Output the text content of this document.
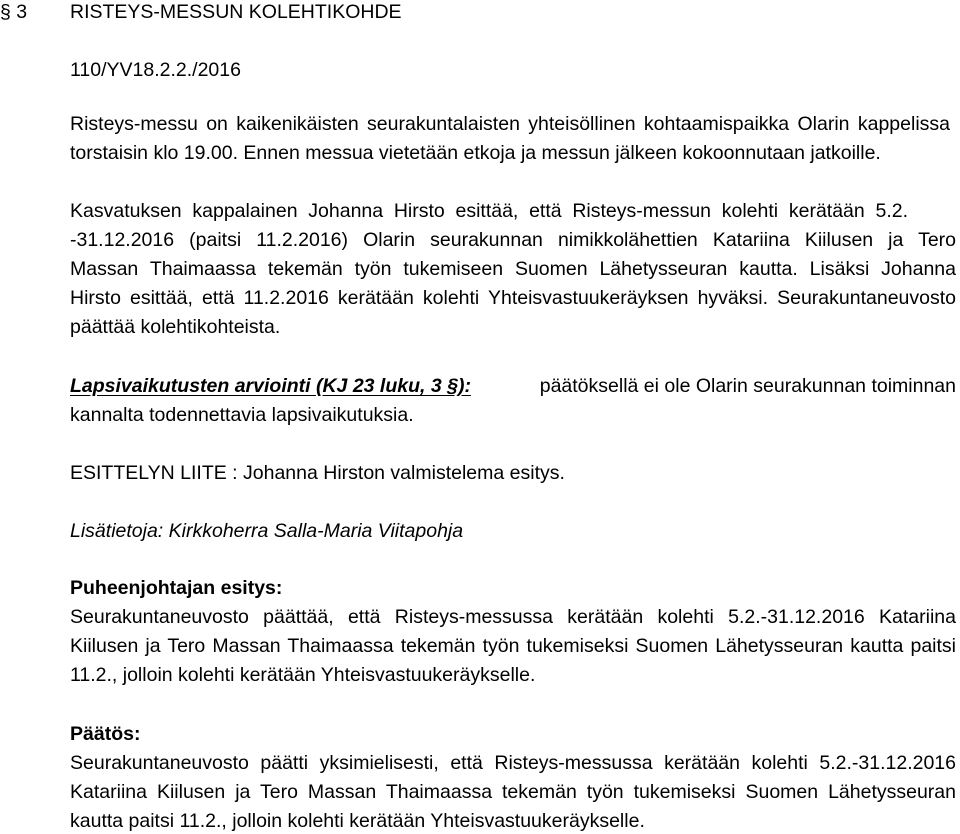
§ 3 RISTEYS-MESSUN KOLEHTIKOHDE
110/YV18.2.2./2016
Risteys-messu on kaikenikäisten seurakuntalaisten yhteisöllinen kohtaamispaikka Olarin kappelissa
torstaisin klo 19.00. Ennen messua vietetään etkoja ja messun jälkeen kokoonnutaan jatkoille.
Kasvatuksen kappalainen Johanna Hirsto esittää, että Risteys-messun kolehti kerätään 5.2.
-31.12.2016 (paitsi 11.2.2016) Olarin seurakunnan nimikkolähettien Katariina Kiilusen ja Tero
Massan Thaimaassa tekemän työn tukemiseen Suomen Lähetysseuran kautta. Lisäksi Johanna
Hirsto esittää, että 11.2.2016 kerätään kolehti Yhteisvastuukeräyksen hyväksi. Seurakuntaneuvosto
päättää kolehtikohteista.
Lapsivaikutusten arviointi (KJ 23 luku, 3 §):	päätöksellä ei ole Olarin seurakunnan toiminnan
kannalta todennettavia lapsivaikutuksia.
ESITTELYN LIITE : Johanna Hirston valmistelema esitys.
Lisätietoja: Kirkkoherra Salla-Maria Viitapohja
Puheenjohtajan esitys:
Seurakuntaneuvosto päättää, että Risteys-messussa kerätään kolehti 5.2.-31.12.2016 Katariina
Kiilusen ja Tero Massan Thaimaassa tekemän työn tukemiseksi Suomen Lähetysseuran kautta paitsi
11.2., jolloin kolehti kerätään Yhteisvastuukeräykselle.
Päätös:
Seurakuntaneuvosto päätti yksimielisesti, että Risteys-messussa kerätään kolehti 5.2.-31.12.2016
Katariina Kiilusen ja Tero Massan Thaimaassa tekemän työn tukemiseksi Suomen Lähetysseuran
kautta paitsi 11.2., jolloin kolehti kerätään Yhteisvastuukeräykselle.
